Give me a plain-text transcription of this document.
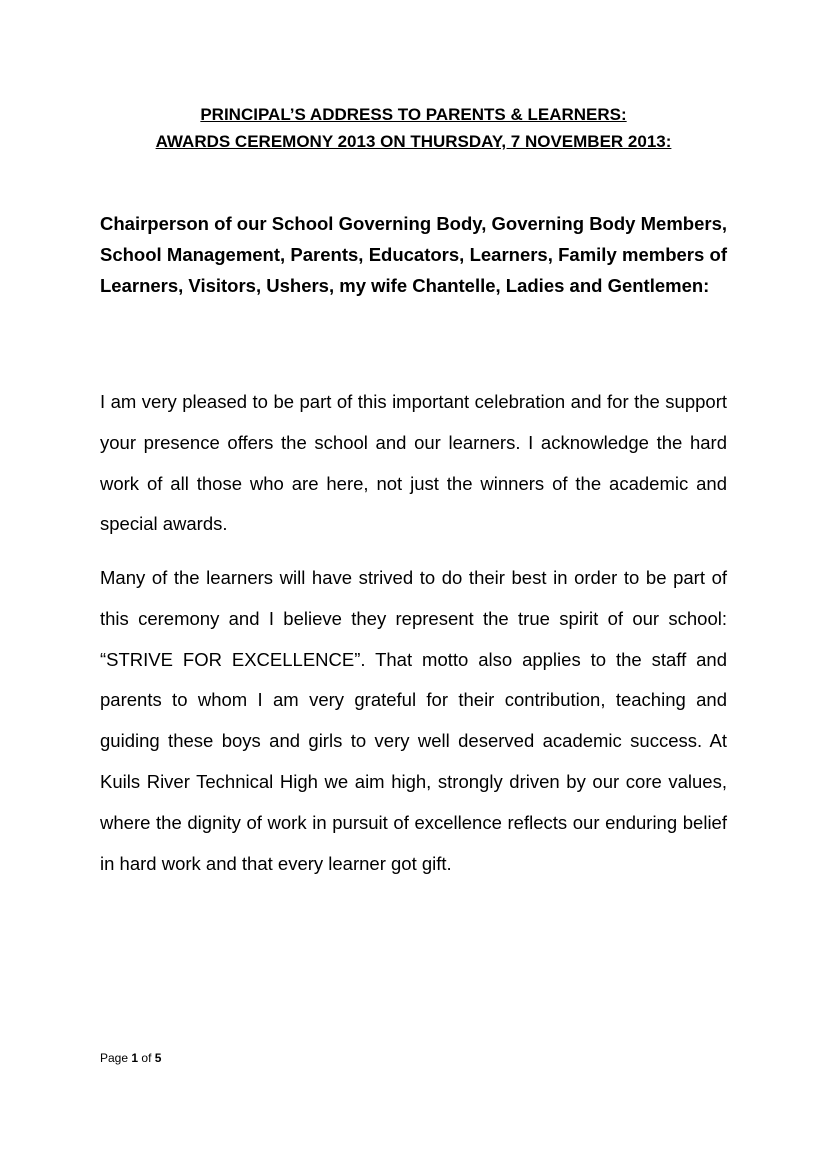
PRINCIPAL’S ADDRESS TO PARENTS & LEARNERS:
AWARDS CEREMONY 2013 ON THURSDAY, 7 NOVEMBER 2013:

Chairperson of our School Governing Body, Governing Body Members, School Management, Parents, Educators, Learners, Family members of Learners, Visitors, Ushers, my wife Chantelle, Ladies and Gentlemen:

I am very pleased to be part of this important celebration and for the support your presence offers the school and our learners. I acknowledge the hard work of all those who are here, not just the winners of the academic and special awards.

Many of the learners will have strived to do their best in order to be part of this ceremony and I believe they represent the true spirit of our school: “STRIVE FOR EXCELLENCE”. That motto also applies to the staff and parents to whom I am very grateful for their contribution, teaching and guiding these boys and girls to very well deserved academic success. At Kuils River Technical High we aim high, strongly driven by our core values, where the dignity of work in pursuit of excellence reflects our enduring belief in hard work and that every learner got gift.

Page 1 of 5
